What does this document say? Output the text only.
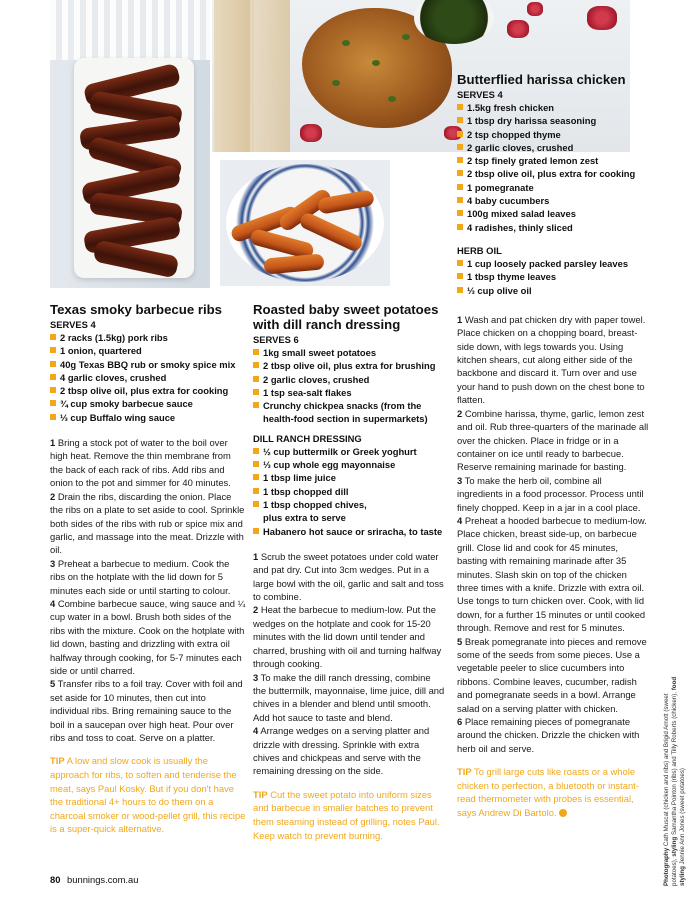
Texas smoky barbecue ribs
SERVES 4
2 racks (1.5kg) pork ribs
1 onion, quartered
40g Texas BBQ rub or smoky spice mix
4 garlic cloves, crushed
2 tbsp olive oil, plus extra for cooking
¾ cup smoky barbecue sauce
⅓ cup Buffalo wing sauce

1 Bring a stock pot of water to the boil over high heat. Remove the thin membrane from the back of each rack of ribs. Add ribs and onion to the pot and simmer for 40 minutes.

2 Drain the ribs, discarding the onion. Place the ribs on a plate to set aside to cool. Sprinkle both sides of the ribs with rub or spice mix and garlic, and massage into the meat. Drizzle with oil.

3 Preheat a barbecue to medium. Cook the ribs on the hotplate with the lid down for 5 minutes each side or until starting to colour.

4 Combine barbecue sauce, wing sauce and ¼ cup water in a bowl. Brush both sides of the ribs with the mixture. Cook on the hotplate with lid down, basting and drizzling with extra oil halfway through cooking, for 5-7 minutes each side or until charred.

5 Transfer ribs to a foil tray. Cover with foil and set aside for 10 minutes, then cut into individual ribs. Bring remaining sauce to the boil in a saucepan over high heat. Pour over ribs and toss to coat. Serve on a platter.

TIP A low and slow cook is usually the approach for ribs, to soften and tenderise the meat, says Paul Kosky. But if you don't have the traditional 4+ hours to do them on a charcoal smoker or wood-pellet grill, this recipe is a super-quick alternative.
Roasted baby sweet potatoes with dill ranch dressing
SERVES 6
1kg small sweet potatoes
2 tbsp olive oil, plus extra for brushing
2 garlic cloves, crushed
1 tsp sea-salt flakes
Crunchy chickpea snacks (from the health-food section in supermarkets)
DILL RANCH DRESSING
½ cup buttermilk or Greek yoghurt
⅓ cup whole egg mayonnaise
1 tbsp lime juice
1 tbsp chopped dill
1 tbsp chopped chives,
plus extra to serve
Habanero hot sauce or sriracha, to taste

1 Scrub the sweet potatoes under cold water and pat dry. Cut into 3cm wedges. Put in a large bowl with the oil, garlic and salt and toss to combine.

2 Heat the barbecue to medium-low. Put the wedges on the hotplate and cook for 15-20 minutes with the lid down until tender and charred, brushing with oil and turning halfway through cooking.

3 To make the dill ranch dressing, combine the buttermilk, mayonnaise, lime juice, dill and chives in a blender and blend until smooth. Add hot sauce to taste and blend.

4 Arrange wedges on a serving platter and drizzle with dressing. Sprinkle with extra chives and chickpeas and serve with the remaining dressing on the side.

TIP Cut the sweet potato into uniform sizes and barbecue in smaller batches to prevent them steaming instead of grilling, notes Paul. Keep watch to prevent burning.
Butterflied harissa chicken
SERVES 4
1.5kg fresh chicken
1 tbsp dry harissa seasoning
2 tsp chopped thyme
2 garlic cloves, crushed
2 tsp finely grated lemon zest
2 tbsp olive oil, plus extra for cooking
1 pomegranate
4 baby cucumbers
100g mixed salad leaves
4 radishes, thinly sliced
HERB OIL
1 cup loosely packed parsley leaves
1 tbsp thyme leaves
⅓ cup olive oil

1 Wash and pat chicken dry with paper towel. Place chicken on a chopping board, breast-side down, with legs towards you. Using kitchen shears, cut along either side of the backbone and discard it. Turn over and use your hand to push down on the chest bone to flatten.

2 Combine harissa, thyme, garlic, lemon zest and oil. Rub three-quarters of the marinade all over the chicken. Place in fridge or in a container on ice until ready to barbecue. Reserve remaining marinade for basting.

3 To make the herb oil, combine all ingredients in a food processor. Process until finely chopped. Keep in a jar in a cool place.

4 Preheat a hooded barbecue to medium-low. Place chicken, breast side-up, on barbecue grill. Close lid and cook for 45 minutes, basting with remaining marinade after 35 minutes. Slash skin on top of the chicken three times with a knife. Drizzle with extra oil. Use tongs to turn chicken over. Cook, with lid down, for a further 15 minutes or until cooked through. Remove and rest for 5 minutes.

5 Break pomegranate into pieces and remove some of the seeds from some pieces. Use a vegetable peeler to slice cucumbers into ribbons. Combine leaves, cucumber, radish and pomegranate seeds in a bowl. Arrange salad on a serving platter with chicken.

6 Place remaining pieces of pomegranate around the chicken. Drizzle the chicken with herb oil and serve.

TIP To grill large cuts like roasts or a whole chicken to perfection, a bluetooth or instant-read thermometer with probes is essential, says Andrew Di Bartolo.
80 bunnings.com.au	Photography Cath Muscat (chicken and ribs) and Brigid Arnott (sweet potatoes), styling Samantha Pointon (ribs) and Tilly Roberts (chicken), food styling Jennie Ann Jones (sweet potatoes)
